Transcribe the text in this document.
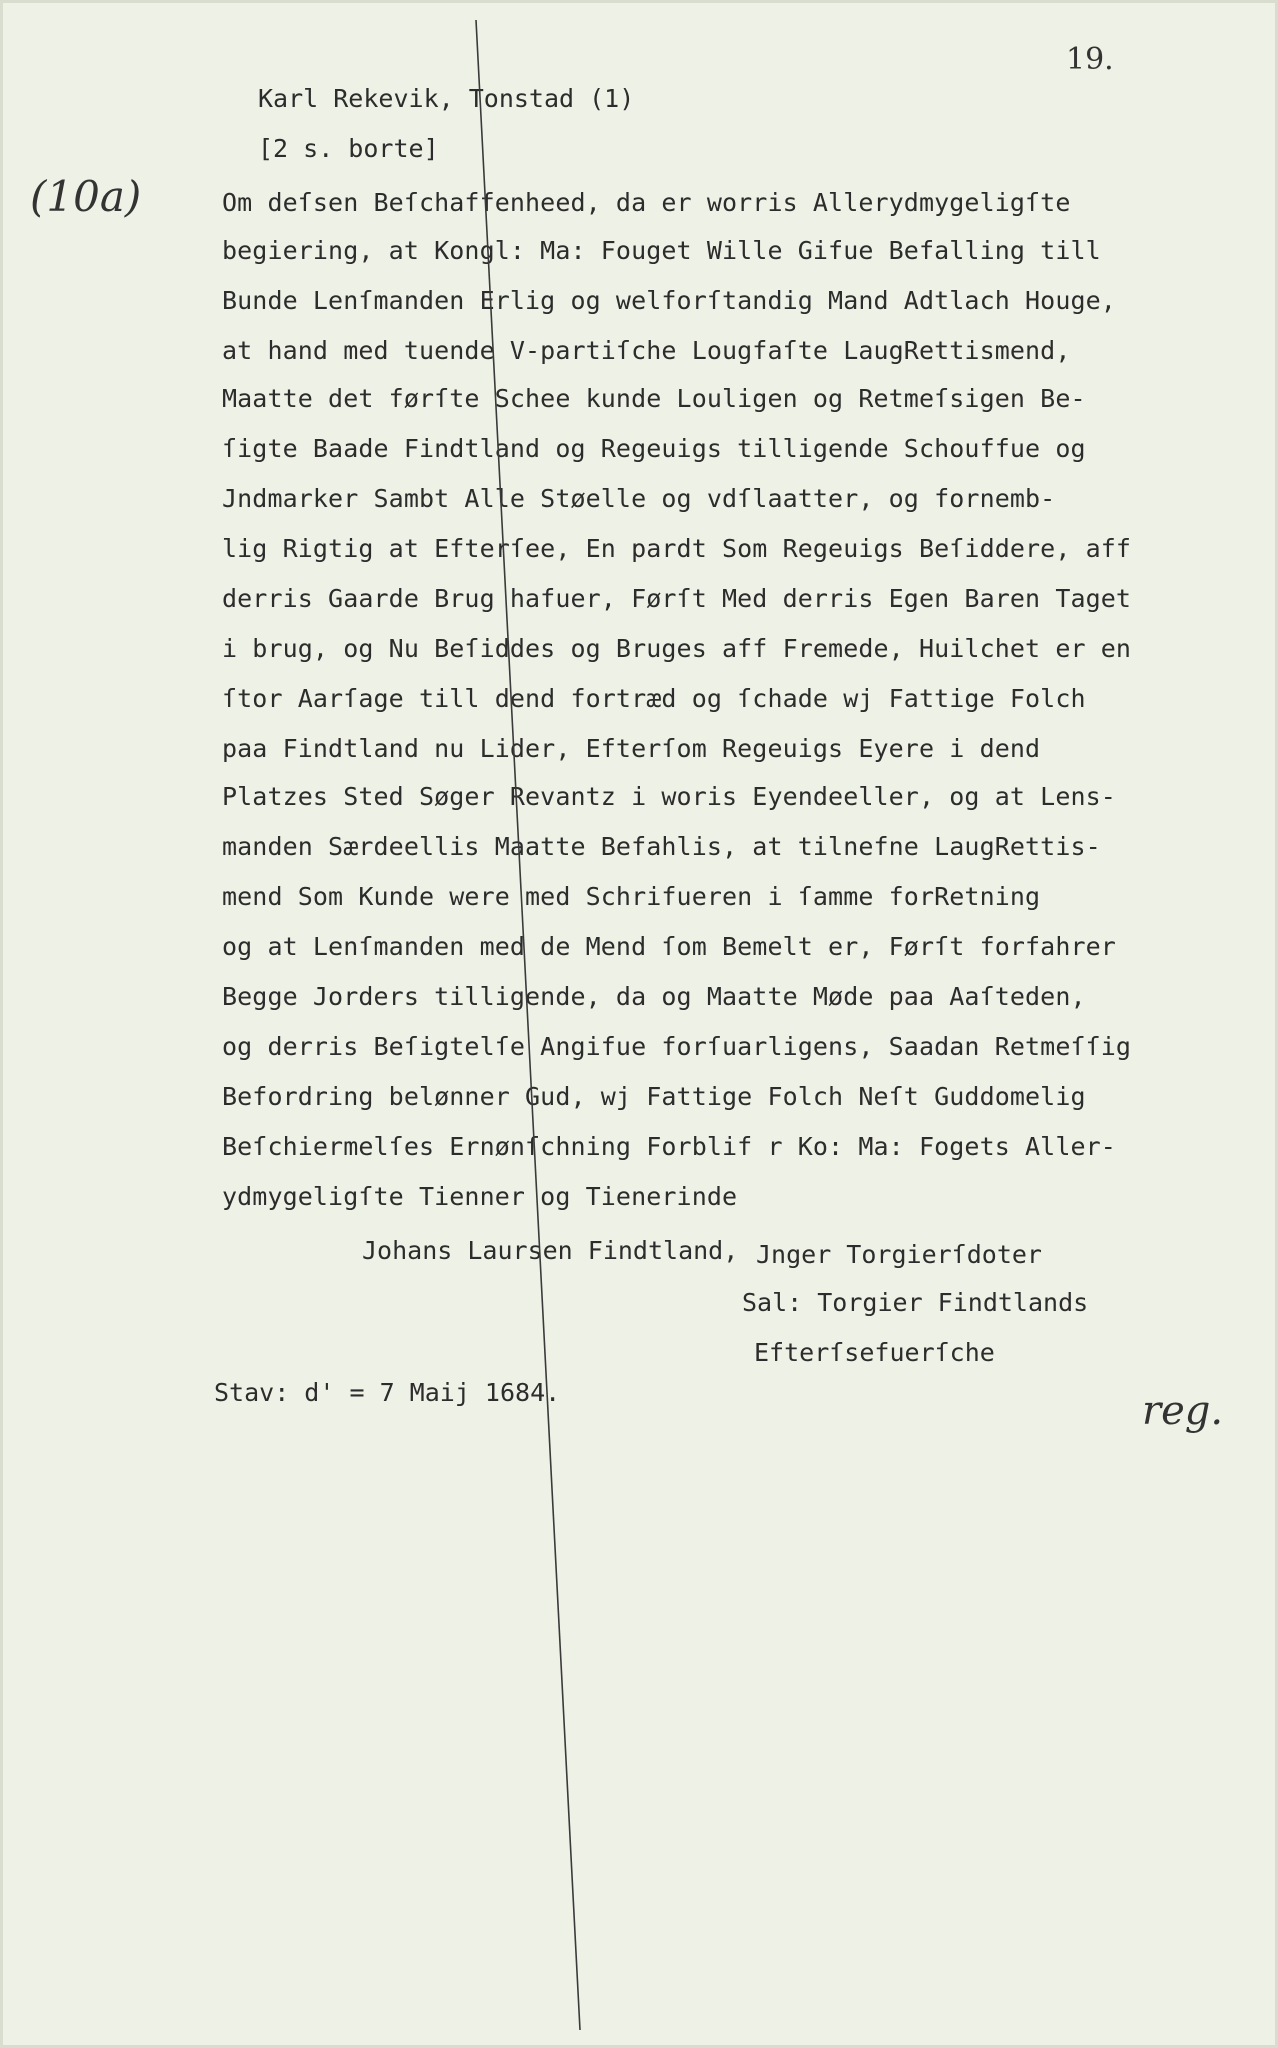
19.
(10a)
Karl Rekevik, Tonstad (1)
[2 s. borte]
Om deſsen Beſchaffenheed, da er worris Allerydmygeligſte
begiering, at Kongl: Ma: Fouget Wille Gifue Befalling till
Bunde Lenſmanden Erlig og welforſtandig Mand Adtlach Houge,
at hand med tuende V-partiſche Lougfaſte LaugRettismend,
Maatte det førſte Schee kunde Louligen og Retmeſsigen Be-
ſigte Baade Findtland og Regeuigs tilligende Schouffue og
Jndmarker Sambt Alle Støelle og vdſlaatter, og fornemb-
lig Rigtig at Efterſee, En pardt Som Regeuigs Beſiddere, aff
derris Gaarde Brug hafuer, Førſt Med derris Egen Baren Taget
i brug, og Nu Beſiddes og Bruges aff Fremede, Huilchet er en
ſtor Aarſage till dend fortræd og ſchade wj Fattige Folch
paa Findtland nu Lider, Efterſom Regeuigs Eyere i dend
Platzes Sted Søger Revantz i woris Eyendeeller, og at Lens-
manden Særdeellis Maatte Befahlis, at tilnefne LaugRettis-
mend Som Kunde were med Schrifueren i ſamme forRetning
og at Lenſmanden med de Mend ſom Bemelt er, Førſt forfahrer
Begge Jorders tilligende, da og Maatte Møde paa Aaſteden,
og derris Beſigtelſe Angifue forſuarligens, Saadan Retmeſſig
Befordring belønner Gud, wj Fattige Folch Neſt Guddomelig
Beſchiermelſes Ernønſchning Forblif r Ko: Ma: Fogets Aller-
ydmygeligſte Tienner og Tienerinde
Johans Laursen Findtland, Jnger Torgierſdoter
Sal: Torgier Findtlands
Efterſsefuerſche
Stav: d' = 7 Maij 1684.	reg.
